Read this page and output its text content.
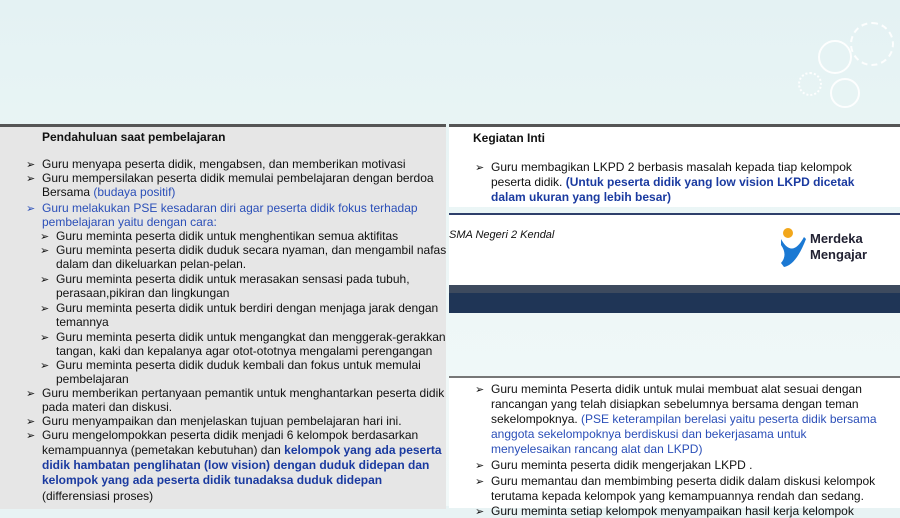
Pendahuluan saat pembelajaran
➢ Guru menyapa peserta didik, mengabsen, dan memberikan motivasi
➢ Guru mempersilakan peserta didik memulai pembelajaran dengan berdoa
Bersama (budaya positif)
➢ Guru melakukan PSE kesadaran diri agar peserta didik fokus terhadap
pembelajaran yaitu dengan cara:
➢ Guru meminta peserta didik untuk menghentikan semua aktifitas
➢ Guru meminta peserta didik duduk secara nyaman, dan mengambil nafas
dalam dan dikeluarkan pelan-pelan.
➢ Guru meminta peserta didik untuk merasakan sensasi pada tubuh,
perasaan,pikiran dan lingkungan
➢ Guru meminta peserta didik untuk berdiri dengan menjaga jarak dengan
temannya
➢ Guru meminta peserta didik untuk mengangkat dan menggerak-gerakkan
tangan, kaki dan kepalanya agar otot-ototnya mengalami perengangan
➢ Guru meminta peserta didik duduk kembali dan fokus untuk memulai
pembelajaran
➢ Guru memberikan pertanyaan pemantik untuk menghantarkan peserta didik
pada materi dan diskusi.
➢ Guru menyampaikan dan menjelaskan tujuan pembelajaran hari ini.
➢ Guru mengelompokkan peserta didik menjadi 6 kelompok berdasarkan
kemampuannya (pemetakan kebutuhan) dan kelompok yang ada peserta
didik hambatan penglihatan (low vision) dengan duduk didepan dan
kelompok yang ada peserta didik tunadaksa duduk didepan
(differensiasi proses)
Kegiatan Inti
➢ Guru membagikan LKPD 2 berbasis masalah kepada tiap kelompok
peserta didik. (Untuk peserta didik yang low vision LKPD dicetak
dalam ukuran yang lebih besar)
SMA Negeri 2 Kendal	Merdeka
Mengajar
➢ Guru meminta Peserta didik untuk mulai membuat alat sesuai dengan
rancangan yang telah disiapkan sebelumnya bersama dengan teman
sekelompoknya. (PSE keterampilan berelasi yaitu peserta didik bersama
anggota sekelompoknya berdiskusi dan bekerjasama untuk
menyelesaikan rancang alat dan LKPD)
➢ Guru meminta peserta didik mengerjakan LKPD .
➢ Guru memantau dan membimbing peserta didik dalam diskusi kelompok
terutama kepada kelompok yang kemampuannya rendah dan sedang.
➢ Guru meminta setiap kelompok menyampaikan hasil kerja kelompok
